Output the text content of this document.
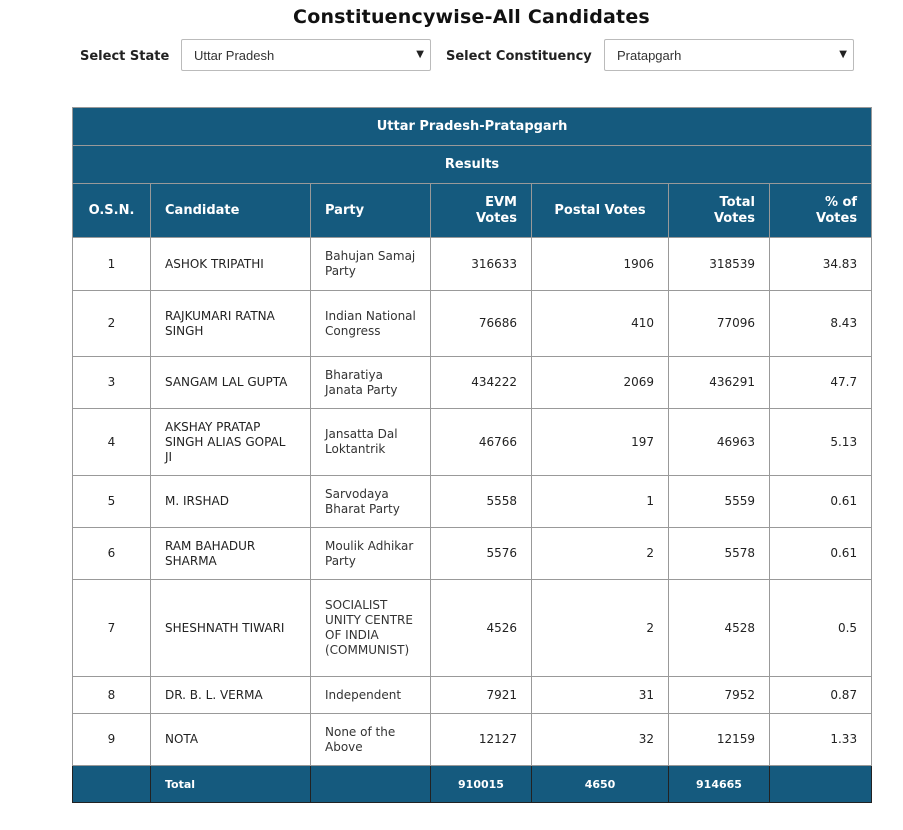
Constituencywise-All Candidates
Select State Uttar Pradesh	▼ Select Constituency Pratapgarh	▼
Uttar Pradesh-Pratapgarh						
Results						
O.S.N.	Candidate	Party	EVM Votes	Postal Votes	Total Votes	% of Votes
1	ASHOK TRIPATHI	Bahujan Samaj Party	316633	1906	318539	34.83
2	RAJKUMARI RATNA SINGH	Indian National Congress	76686	410	77096	8.43
3	SANGAM LAL GUPTA	Bharatiya Janata Party	434222	2069	436291	47.7
4	AKSHAY PRATAP SINGH ALIAS GOPAL JI	Jansatta Dal Loktantrik	46766	197	46963	5.13
5	M. IRSHAD	Sarvodaya Bharat Party	5558	1	5559	0.61
6	RAM BAHADUR SHARMA	Moulik Adhikar Party	5576	2	5578	0.61
7	SHESHNATH TIWARI	SOCIALIST UNITY CENTRE OF INDIA (COMMUNIST)	4526	2	4528	0.5
8	DR. B. L. VERMA	Independent	7921	31	7952	0.87
9	NOTA	None of the Above	12127	32	12159	1.33
	Total		910015	4650	914665	
